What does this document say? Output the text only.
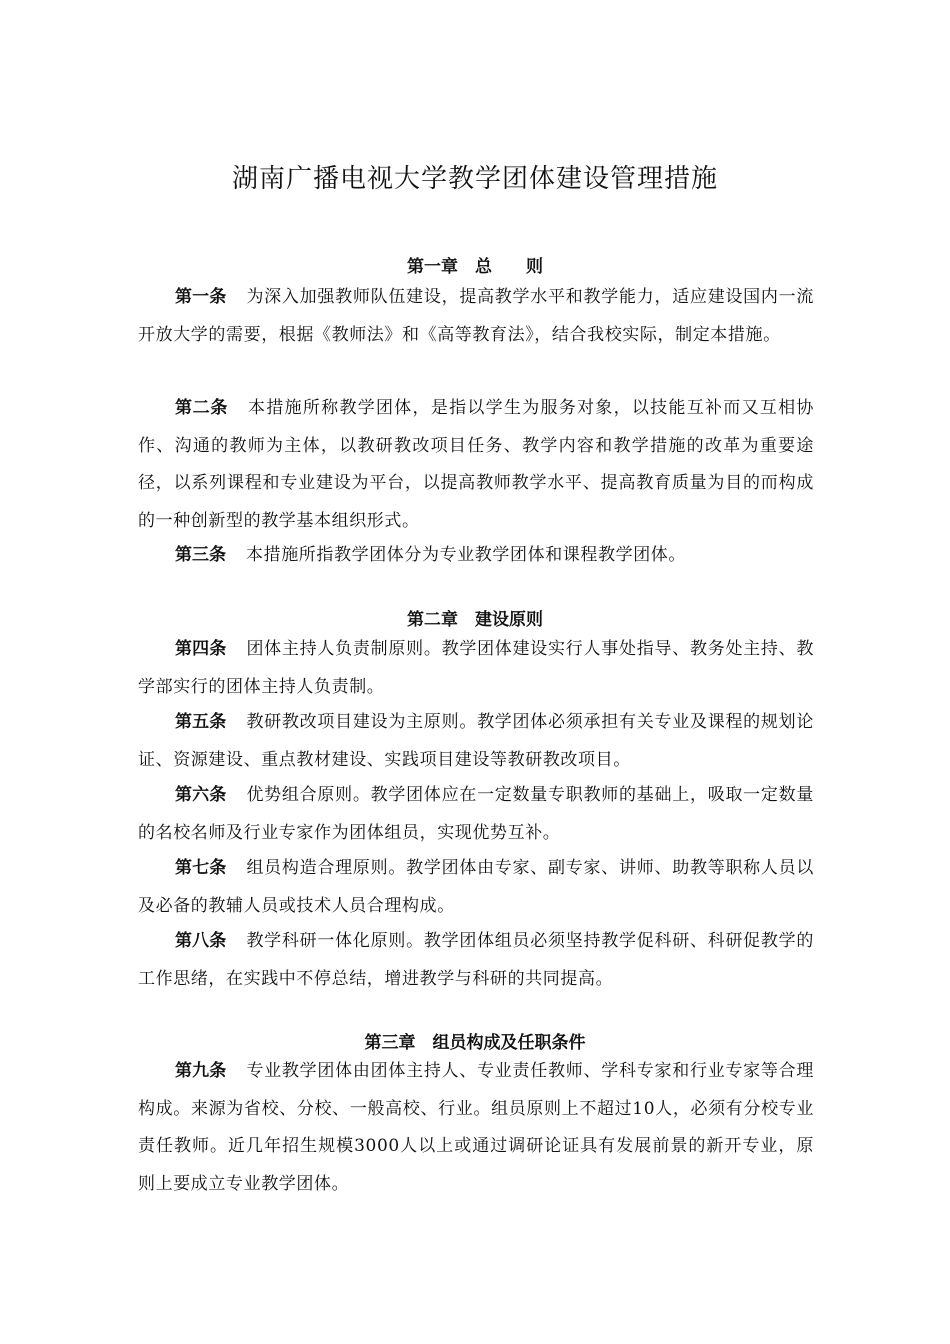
湖南广播电视大学教学团体建设管理措施
第一章　总　　则

第一条 为深入加强教师队伍建设，提高教学水平和教学能力，适应建设国内一流开放大学的需要，根据《教师法》和《高等教育法》，结合我校实际，制定本措施。

第二条 本措施所称教学团体，是指以学生为服务对象，以技能互补而又互相协作、沟通的教师为主体，以教研教改项目任务、教学内容和教学措施的改革为重要途径，以系列课程和专业建设为平台，以提高教师教学水平、提高教育质量为目的而构成的一种创新型的教学基本组织形式。

第三条 本措施所指教学团体分为专业教学团体和课程教学团体。

第二章　建设原则

第四条 团体主持人负责制原则。教学团体建设实行人事处指导、教务处主持、教学部实行的团体主持人负责制。

第五条 教研教改项目建设为主原则。教学团体必须承担有关专业及课程的规划论证、资源建设、重点教材建设、实践项目建设等教研教改项目。

第六条 优势组合原则。教学团体应在一定数量专职教师的基础上，吸取一定数量的名校名师及行业专家作为团体组员，实现优势互补。

第七条 组员构造合理原则。教学团体由专家、副专家、讲师、助教等职称人员以及必备的教辅人员或技术人员合理构成。

第八条 教学科研一体化原则。教学团体组员必须坚持教学促科研、科研促教学的工作思绪，在实践中不停总结，增进教学与科研的共同提高。

第三章　组员构成及任职条件

第九条 专业教学团体由团体主持人、专业责任教师、学科专家和行业专家等合理构成。来源为省校、分校、一般高校、行业。组员原则上不超过10人，必须有分校专业责任教师。近几年招生规模3000人以上或通过调研论证具有发展前景的新开专业，原则上要成立专业教学团体。
